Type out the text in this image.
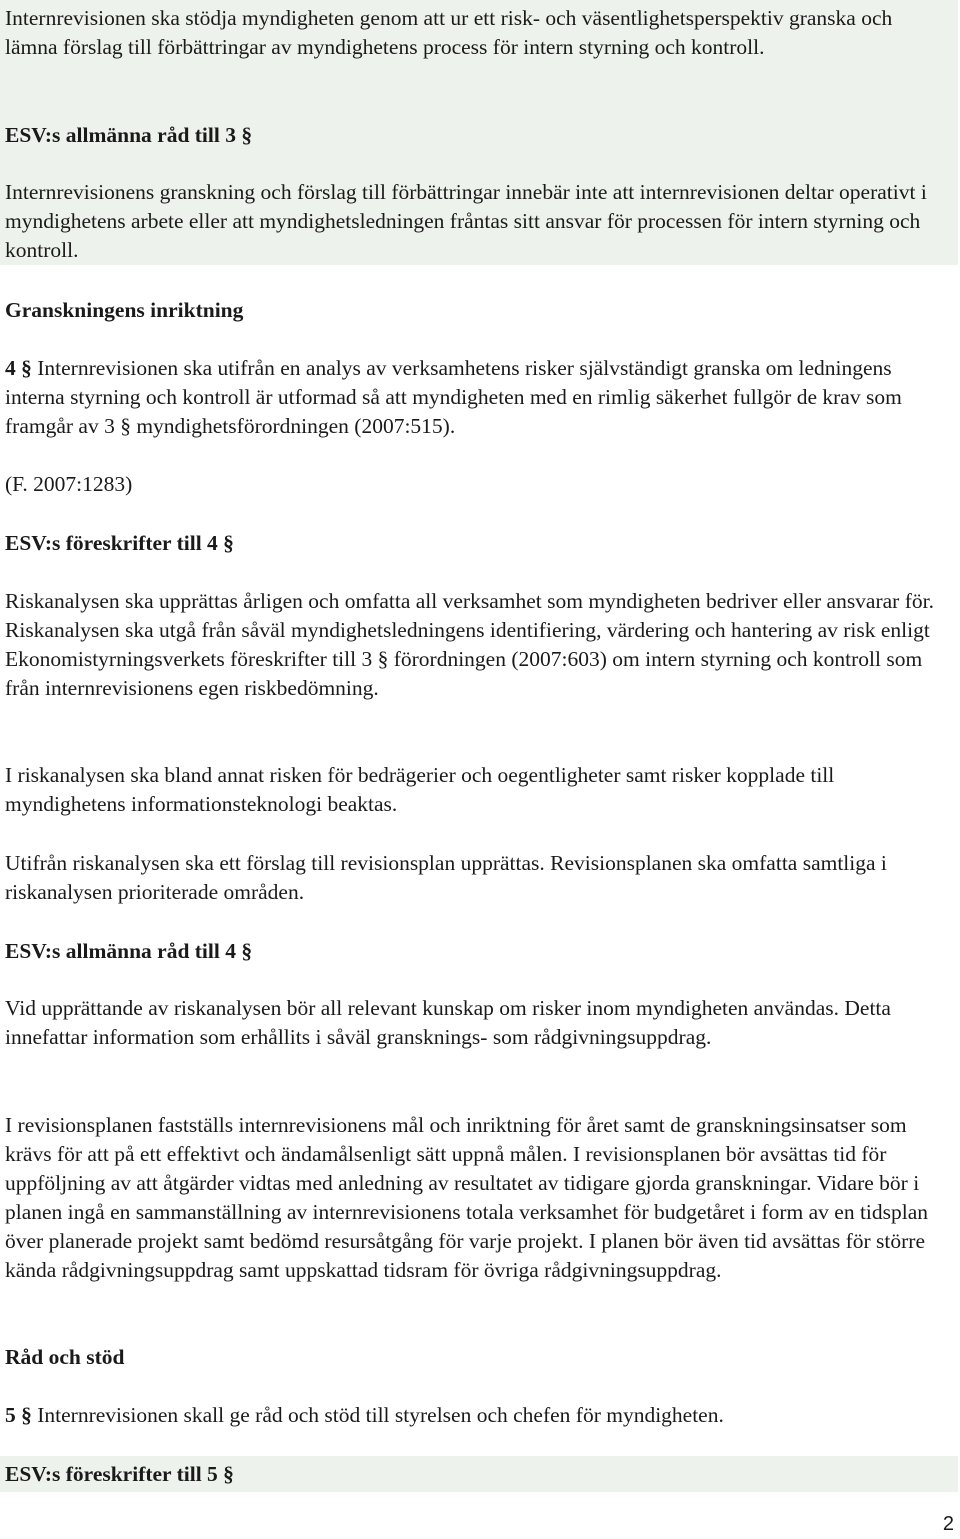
Internrevisionen ska stödja myndigheten genom att ur ett risk- och väsentlighetsperspektiv granska och lämna förslag till förbättringar av myndighetens process för intern styrning och kontroll.

ESV:s allmänna råd till 3 §

Internrevisionens granskning och förslag till förbättringar innebär inte att internrevisionen deltar operativt i myndighetens arbete eller att myndighetsledningen fråntas sitt ansvar för processen för intern styrning och kontroll.

Granskningens inriktning

4 § Internrevisionen ska utifrån en analys av verksamhetens risker självständigt granska om ledningens interna styrning och kontroll är utformad så att myndigheten med en rimlig säkerhet fullgör de krav som framgår av 3 § myndighetsförordningen (2007:515).

(F. 2007:1283)

ESV:s föreskrifter till 4 §

Riskanalysen ska upprättas årligen och omfatta all verksamhet som myndigheten bedriver eller ansvarar för. Riskanalysen ska utgå från såväl myndighetsledningens identifiering, värdering och hantering av risk enligt Ekonomistyrningsverkets föreskrifter till 3 § förordningen (2007:603) om intern styrning och kontroll som från internrevisionens egen riskbedömning.

I riskanalysen ska bland annat risken för bedrägerier och oegentligheter samt risker kopplade till myndighetens informationsteknologi beaktas.

Utifrån riskanalysen ska ett förslag till revisionsplan upprättas. Revisionsplanen ska omfatta samtliga i riskanalysen prioriterade områden.

ESV:s allmänna råd till 4 §

Vid upprättande av riskanalysen bör all relevant kunskap om risker inom myndigheten användas. Detta innefattar information som erhållits i såväl gransknings- som rådgivningsuppdrag.

I revisionsplanen fastställs internrevisionens mål och inriktning för året samt de granskningsinsatser som krävs för att på ett effektivt och ändamålsenligt sätt uppnå målen. I revisionsplanen bör avsättas tid för uppföljning av att åtgärder vidtas med anledning av resultatet av tidigare gjorda granskningar. Vidare bör i planen ingå en sammanställning av internrevisionens totala verksamhet för budgetåret i form av en tidsplan över planerade projekt samt bedömd resursåtgång för varje projekt. I planen bör även tid avsättas för större kända rådgivningsuppdrag samt uppskattad tidsram för övriga rådgivningsuppdrag.

Råd och stöd

5 § Internrevisionen skall ge råd och stöd till styrelsen och chefen för myndigheten.

ESV:s föreskrifter till 5 §

2
